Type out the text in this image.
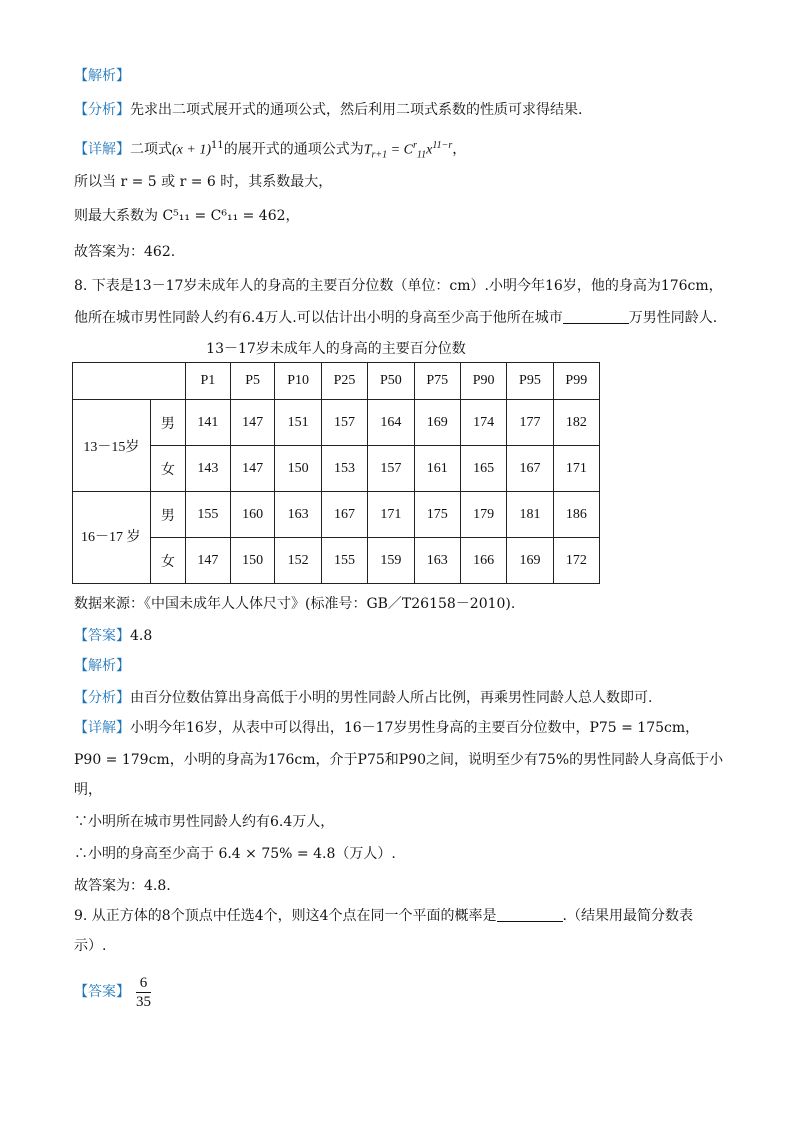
【解析】
【分析】先求出二项式展开式的通项公式，然后利用二项式系数的性质可求得结果.
【详解】二项式$(x + 1)^{11}$的展开式的通项公式为$T_{r+1} = C^r_{11}x^{11-r}$，
所以当 r = 5 或 r = 6 时，其系数最大，
则最大系数为 C⁵₁₁ = C⁶₁₁ = 462，
故答案为：462.
8. 下表是13－17岁未成年人的身高的主要百分位数（单位：cm）.小明今年16岁，他的身高为176cm，
他所在城市男性同龄人约有6.4万人.可以估计出小明的身高至少高于他所在城市	万男性同龄人.
13－17岁未成年人的身高的主要百分位数
		P1	P5	P10	P25	P50	P75	P90	P95	P99
13－15岁	男	141	147	151	157	164	169	174	177	182
	女	143	147	150	153	157	161	165	167	171
16－17 岁	男	155	160	163	167	171	175	179	181	186
	女	147	150	152	155	159	163	166	169	172
数据来源：《中国未成年人人体尺寸》(标准号：GB／T26158－2010).
【答案】4.8
【解析】
【分析】由百分位数估算出身高低于小明的男性同龄人所占比例，再乘男性同龄人总人数即可.
【详解】小明今年16岁，从表中可以得出，16－17岁男性身高的主要百分位数中，P75 = 175cm，
P90 = 179cm，小明的身高为176cm，介于P75和P90之间，说明至少有75%的男性同龄人身高低于小
明，
∵小明所在城市男性同龄人约有6.4万人，
∴小明的身高至少高于 6.4 × 75% = 4.8（万人）.
故答案为：4.8.
9. 从正方体的8个顶点中任选4个，则这4个点在同一个平面的概率是	.（结果用最简分数表
示）.
【答案】 $\frac{6}{35}$
